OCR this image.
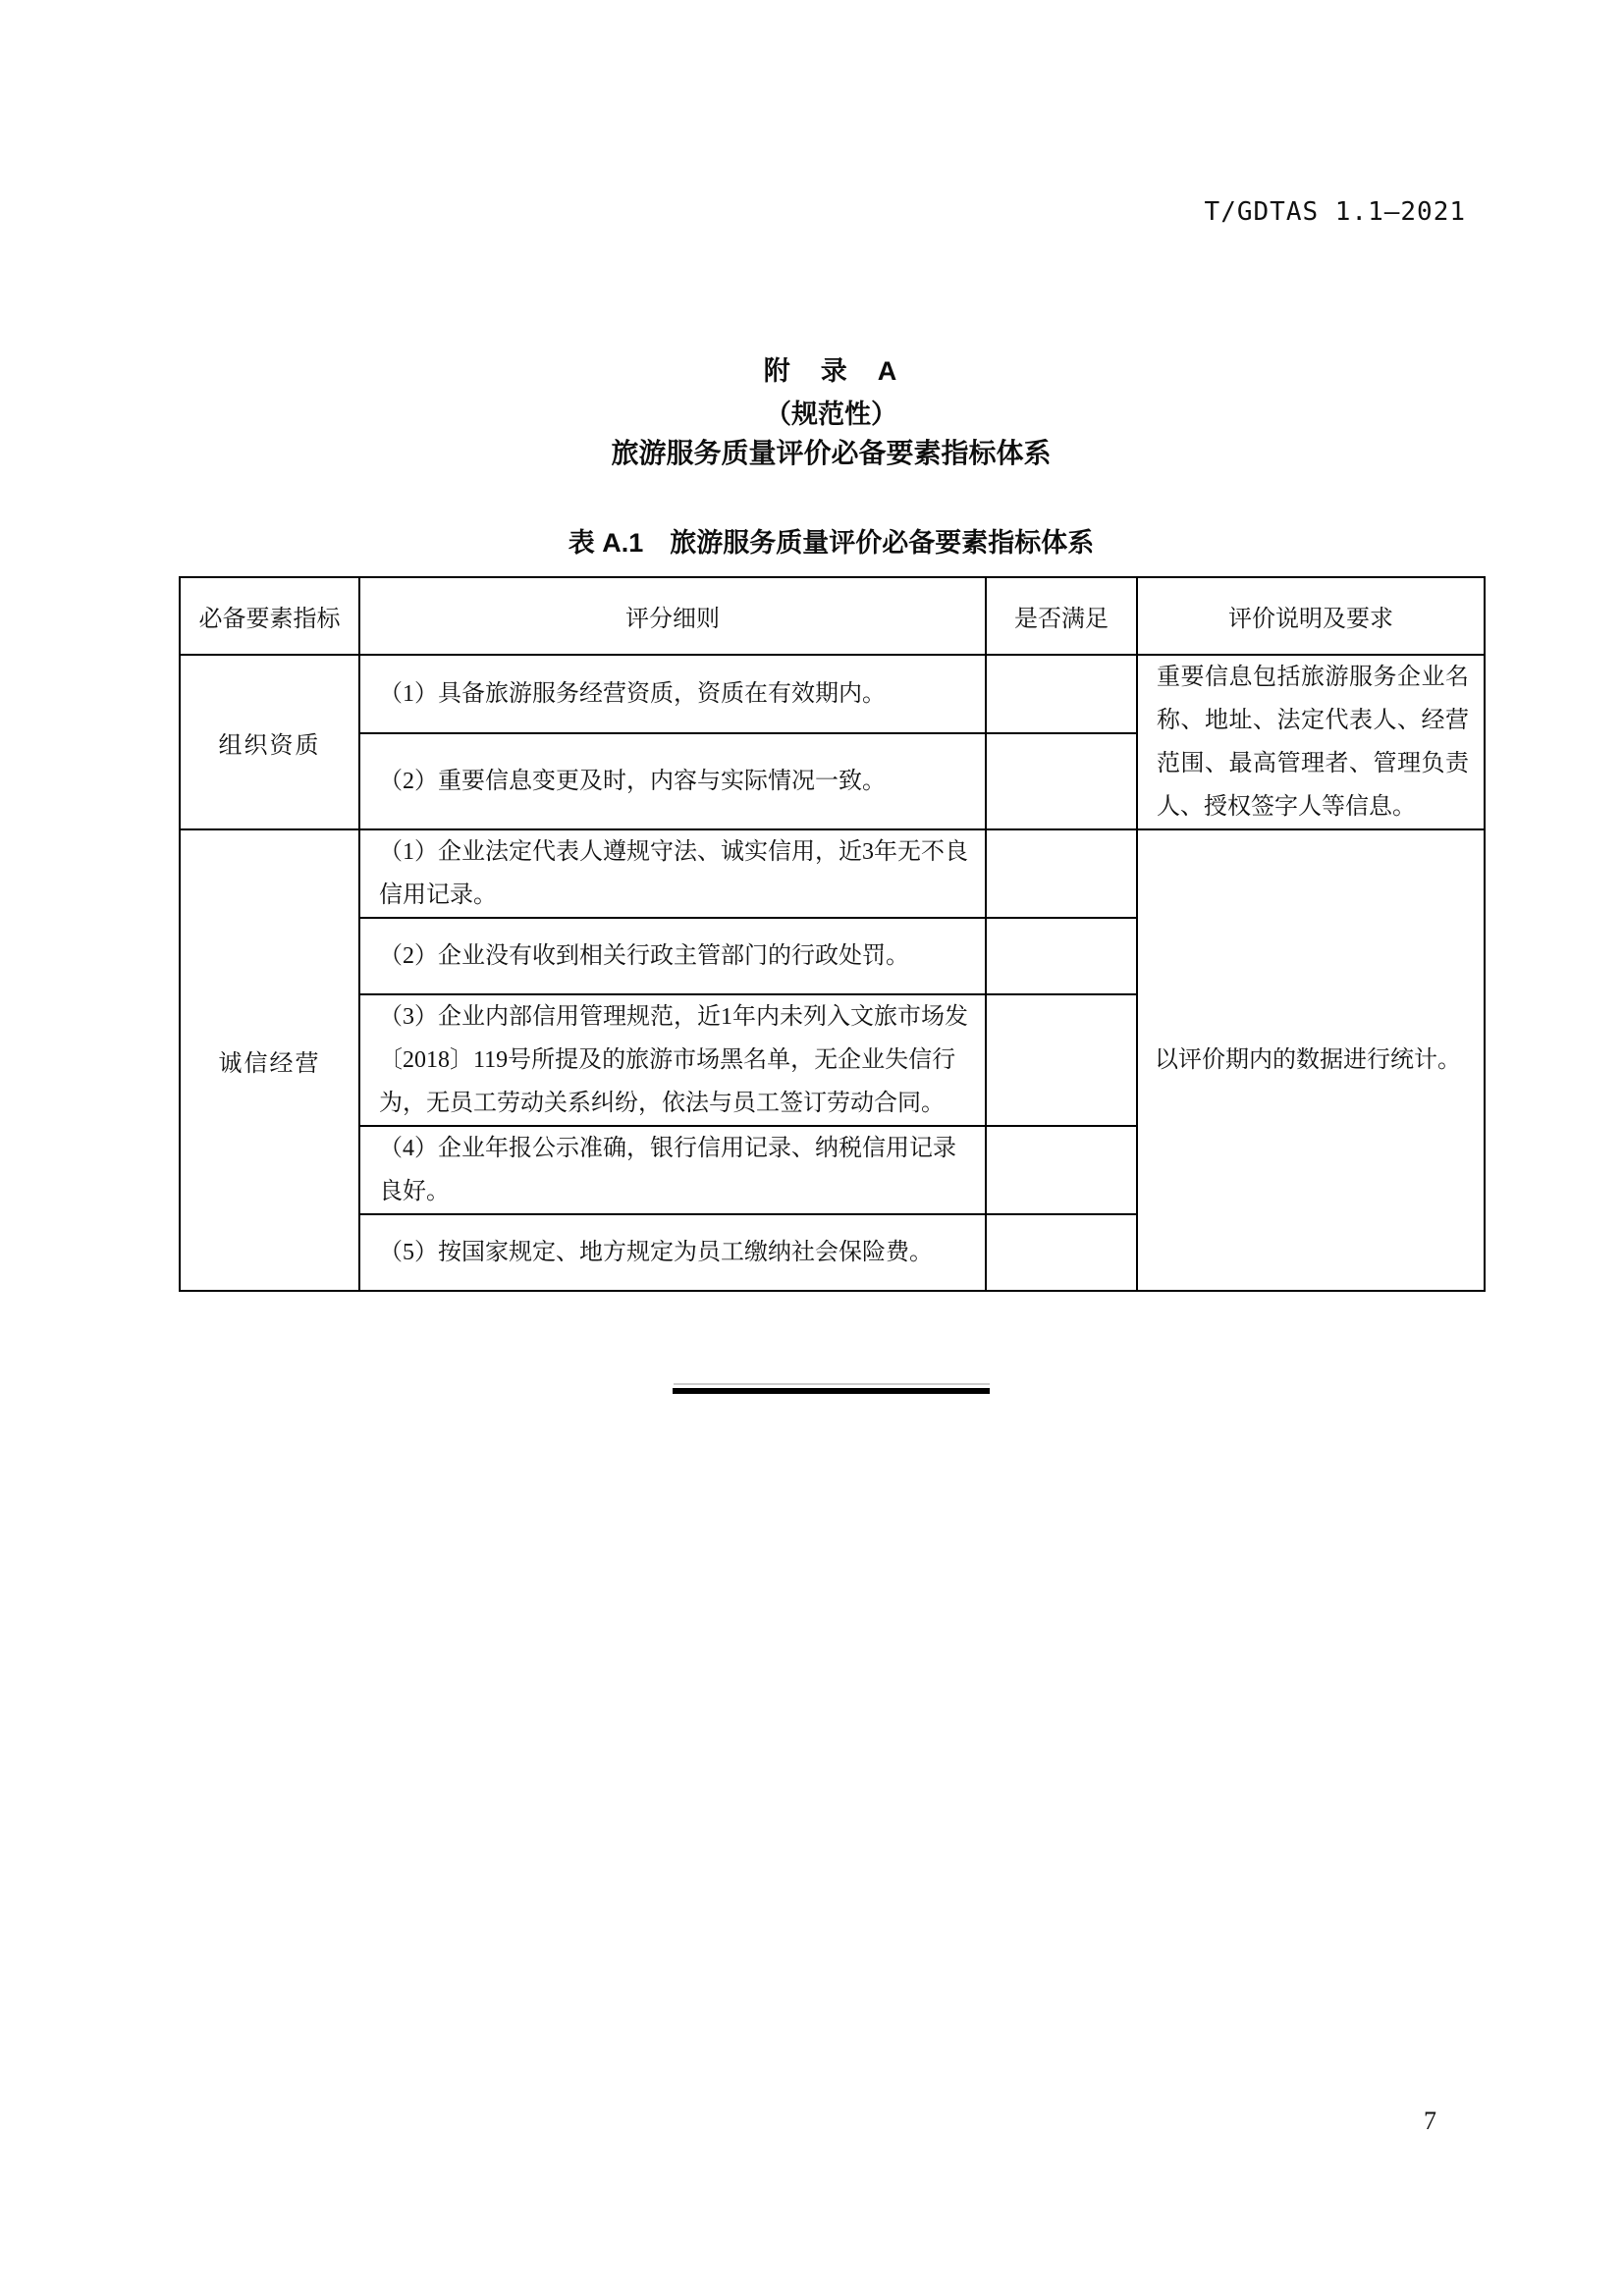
T/GDTAS 1.1—2021
附　录　A
（规范性）
旅游服务质量评价必备要素指标体系
表 A.1　旅游服务质量评价必备要素指标体系
必备要素指标	评分细则	是否满足	评价说明及要求
组织资质	（1）具备旅游服务经营资质，资质在有效期内。		重要信息包括旅游服务企业名称、地址、法定代表人、经营范围、最高管理者、管理负责人、授权签字人等信息。
	（2）重要信息变更及时，内容与实际情况一致。		
诚信经营	（1）企业法定代表人遵规守法、诚实信用，近3年无不良信用记录。		以评价期内的数据进行统计。
	（2）企业没有收到相关行政主管部门的行政处罚。		
	（3）企业内部信用管理规范，近1年内未列入文旅市场发〔2018〕119号所提及的旅游市场黑名单，无企业失信行为，无员工劳动关系纠纷，依法与员工签订劳动合同。		
	（4）企业年报公示准确，银行信用记录、纳税信用记录良好。		
	（5）按国家规定、地方规定为员工缴纳社会保险费。		
7
